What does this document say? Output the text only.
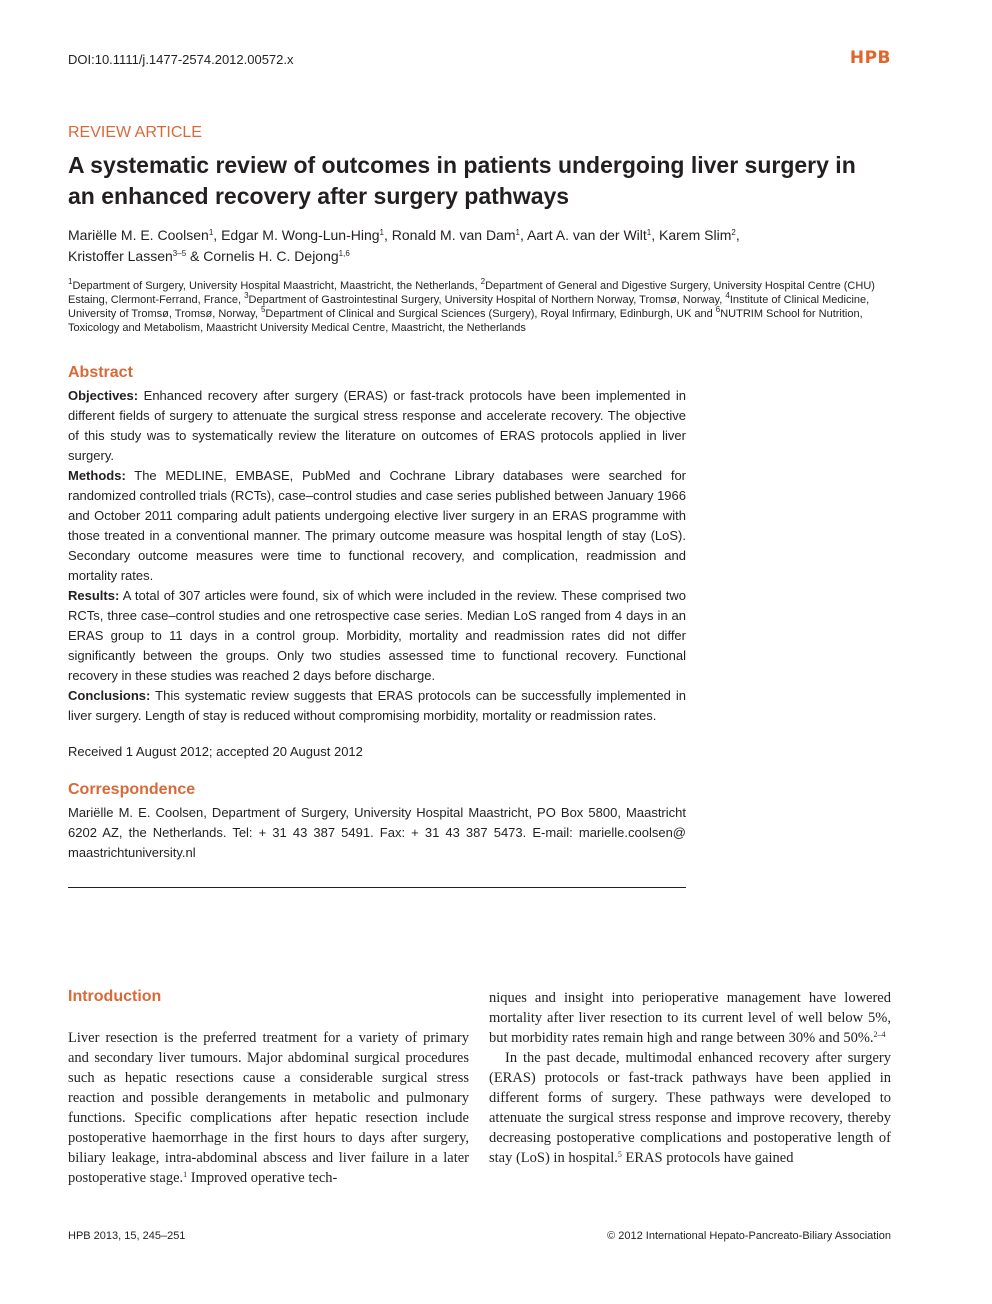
DOI:10.1111/j.1477-2574.2012.00572.x	HPB
REVIEW ARTICLE
A systematic review of outcomes in patients undergoing liver surgery in an enhanced recovery after surgery pathways
Mariëlle M. E. Coolsen$^1$, Edgar M. Wong-Lun-Hing$^1$, Ronald M. van Dam$^1$, Aart A. van der Wilt$^1$, Karem Slim$^2$,
Kristoffer Lassen$^{3-5}$ & Cornelis H. C. Dejong$^{1,6}$
$^1$Department of Surgery, University Hospital Maastricht, Maastricht, the Netherlands, $^2$Department of General and Digestive Surgery, University Hospital Centre (CHU) Estaing, Clermont-Ferrand, France, $^3$Department of Gastrointestinal Surgery, University Hospital of Northern Norway, Tromsø, Norway, $^4$Institute of Clinical Medicine, University of Tromsø, Tromsø, Norway, $^5$Department of Clinical and Surgical Sciences (Surgery), Royal Infirmary, Edinburgh, UK and $^6$NUTRIM School for Nutrition, Toxicology and Metabolism, Maastricht University Medical Centre, Maastricht, the Netherlands
Abstract

Objectives: Enhanced recovery after surgery (ERAS) or fast-track protocols have been implemented in different fields of surgery to attenuate the surgical stress response and accelerate recovery. The objective of this study was to systematically review the literature on outcomes of ERAS protocols applied in liver surgery.

Methods: The MEDLINE, EMBASE, PubMed and Cochrane Library databases were searched for randomized controlled trials (RCTs), case–control studies and case series published between January 1966 and October 2011 comparing adult patients undergoing elective liver surgery in an ERAS programme with those treated in a conventional manner. The primary outcome measure was hospital length of stay (LoS). Secondary outcome measures were time to functional recovery, and complication, readmission and mortality rates.

Results: A total of 307 articles were found, six of which were included in the review. These comprised two RCTs, three case–control studies and one retrospective case series. Median LoS ranged from 4 days in an ERAS group to 11 days in a control group. Morbidity, mortality and readmission rates did not differ significantly between the groups. Only two studies assessed time to functional recovery. Functional recovery in these studies was reached 2 days before discharge.

Conclusions: This systematic review suggests that ERAS protocols can be successfully implemented in liver surgery. Length of stay is reduced without compromising morbidity, mortality or readmission rates.

Received 1 August 2012; accepted 20 August 2012
Correspondence
Mariëlle M. E. Coolsen, Department of Surgery, University Hospital Maastricht, PO Box 5800, Maastricht 6202 AZ, the Netherlands. Tel: + 31 43 387 5491. Fax: + 31 43 387 5473. E-mail: marielle.coolsen@ maastrichtuniversity.nl
Introduction

Liver resection is the preferred treatment for a variety of primary and secondary liver tumours. Major abdominal surgical procedures such as hepatic resections cause a considerable surgical stress reaction and possible derangements in metabolic and pulmonary functions. Specific complications after hepatic resection include postoperative haemorrhage in the first hours to days after surgery, biliary leakage, intra-abdominal abscess and liver failure in a later postoperative stage.$^1$ Improved operative tech-

niques and insight into perioperative management have lowered mortality after liver resection to its current level of well below 5%, but morbidity rates remain high and range between 30% and 50%.$^{2-4}$

In the past decade, multimodal enhanced recovery after surgery (ERAS) protocols or fast-track pathways have been applied in different forms of surgery. These pathways were developed to attenuate the surgical stress response and improve recovery, thereby decreasing postoperative complications and postoperative length of stay (LoS) in hospital.$^5$ ERAS protocols have gained

HPB 2013, 15, 245–251	© 2012 International Hepato-Pancreato-Biliary Association
